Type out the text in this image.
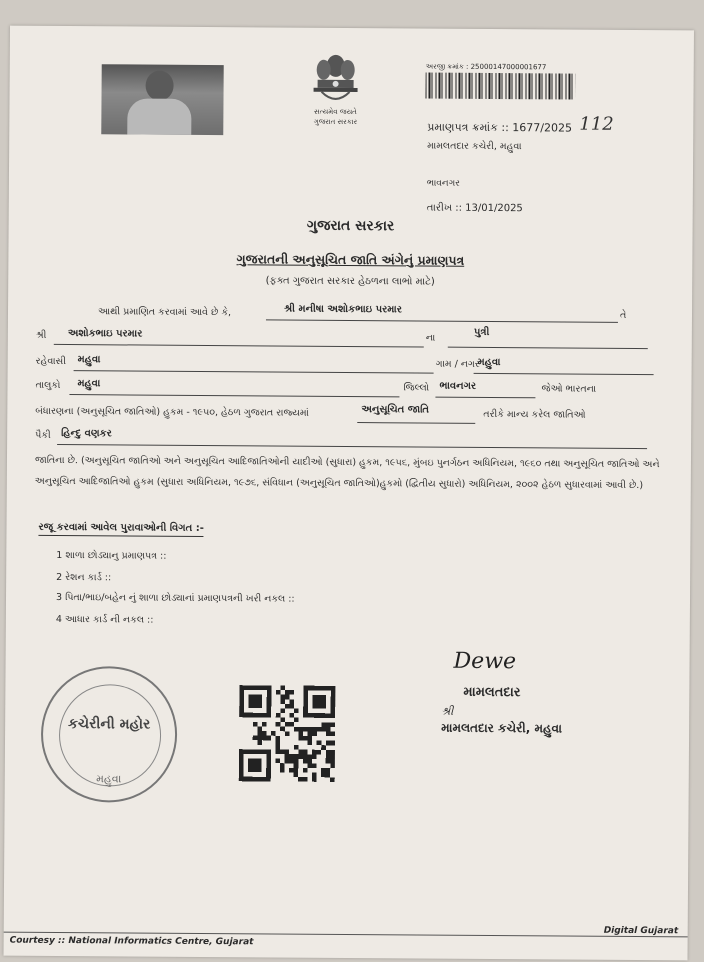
સત્યમેવ જયતે
ગુજરાત સરકાર
અરજી ક્રમાંક : 25000147000001677
પ્રમાણપત્ર ક્રમાંક :: 1677/2025 112
મામલતદાર કચેરી, મહુવા
ભાવનગર
તારીખ :: 13/01/2025
ગુજરાત સરકાર
ગુજરાતની અનુસૂચિત જાતિ અંગેનું પ્રમાણપત્ર
(ફક્ત ગુજરાત સરકાર હેઠળના લાભો માટે)
આથી પ્રમાણિત કરવામાં આવે છે કે,	શ્રી મનીષા અશોકભાઇ પરમાર
તે
શ્રી અશોકભાઇ પરમાર	ના
પુત્રી
રહેવાસી મહુવા	ગામ / નગર
મહુવા
તાલુકો મહુવા	જિલ્લો ભાવનગર	જેઓ ભારતના
બંધારણના (અનુસૂચિત જાતિઓ) હુકમ - ૧૯૫૦, હેઠળ ગુજરાત રાજ્યમાં	અનુસૂચિત જાતિ	તરીકે માન્ય કરેલ જાતિઓ
પૈકી હિન્દુ વણકર
જાતિના છે. (અનુસૂચિત જાતિઓ અને અનુસૂચિત આદિજાતિઓની યાદીઓ (સુધારા) હુકમ, ૧૯૫૬, મુંબઇ પુનર્ગઠન અધિનિયમ, ૧૯૬૦ તથા અનુસૂચિત જાતિઓ અને અનુસૂચિત આદિજાતિઓ હુકમ (સુધારા અધિનિયમ, ૧૯૭૬, સંવિધાન (અનુસૂચિત જાતિઓ)હુકમો (દ્વિતીય સુધારો) અધિનિયમ, ૨૦૦૨ હેઠળ સુધારવામાં આવી છે.)
રજૂ કરવામાં આવેલ પુરાવાઓની વિગત :-
1 શાળા છોડ્યાનુ પ્રમાણપત્ર ::
2 રેશન કાર્ડ ::
3 પિતા/ભાઇ/બહેન નું શાળા છોડ્યાનાં પ્રમાણપત્રની ખરી નકલ ::
4 આધાર કાર્ડ ની નકલ ::
કચેરીની મહોર
મહુવા
Dewe
મામલતદાર
શ્રી
મામલતદાર કચેરી, મહુવા
Digital Gujarat
Courtesy :: National Informatics Centre, Gujarat
